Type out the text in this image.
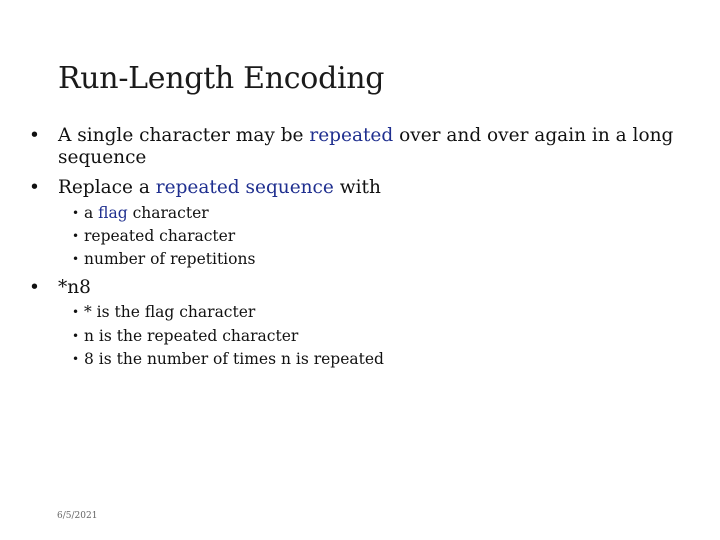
Run-Length Encoding
• A single character may be repeated over and over again in a long
sequence
• Replace a repeated sequence with
• a flag character
• repeated character
• number of repetitions
• *n8
• * is the flag character
• n is the repeated character
• 8 is the number of times n is repeated
6/5/2021
